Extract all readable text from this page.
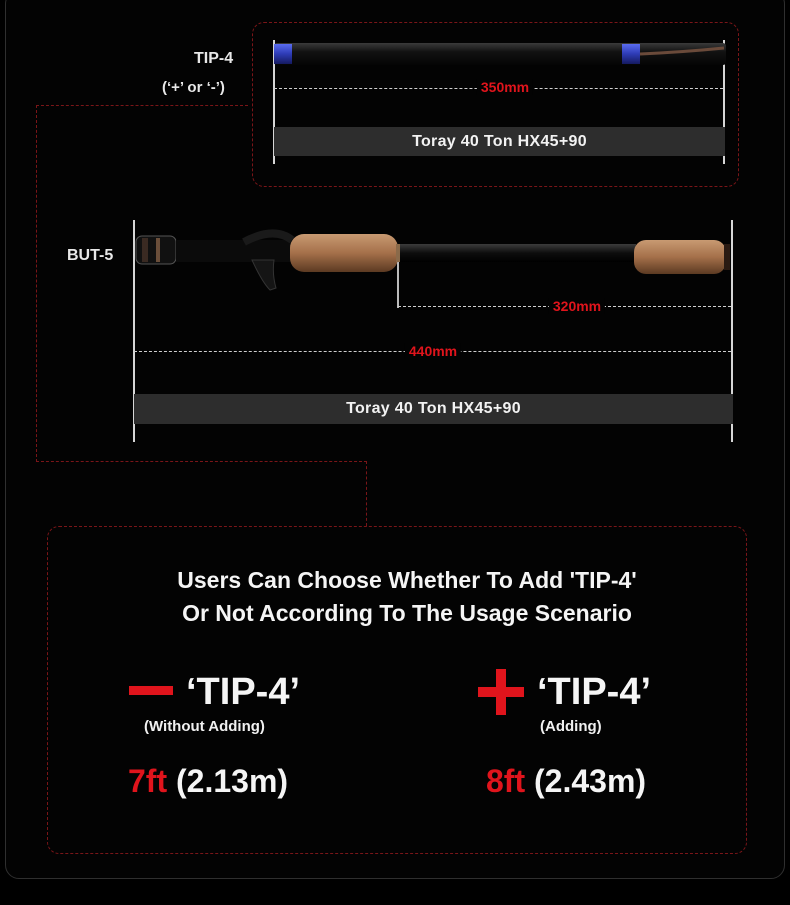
TIP-4
(‘+’ or ‘-’)	350mm
Toray 40 Ton HX45+90
BUT-5
320mm
440mm
Toray 40 Ton HX45+90
Users Can Choose Whether To Add 'TIP-4'
Or Not According To The Usage Scenario
‘TIP-4’
(Without Adding)
7ft (2.13m)
‘TIP-4’
(Adding)
8ft (2.43m)
